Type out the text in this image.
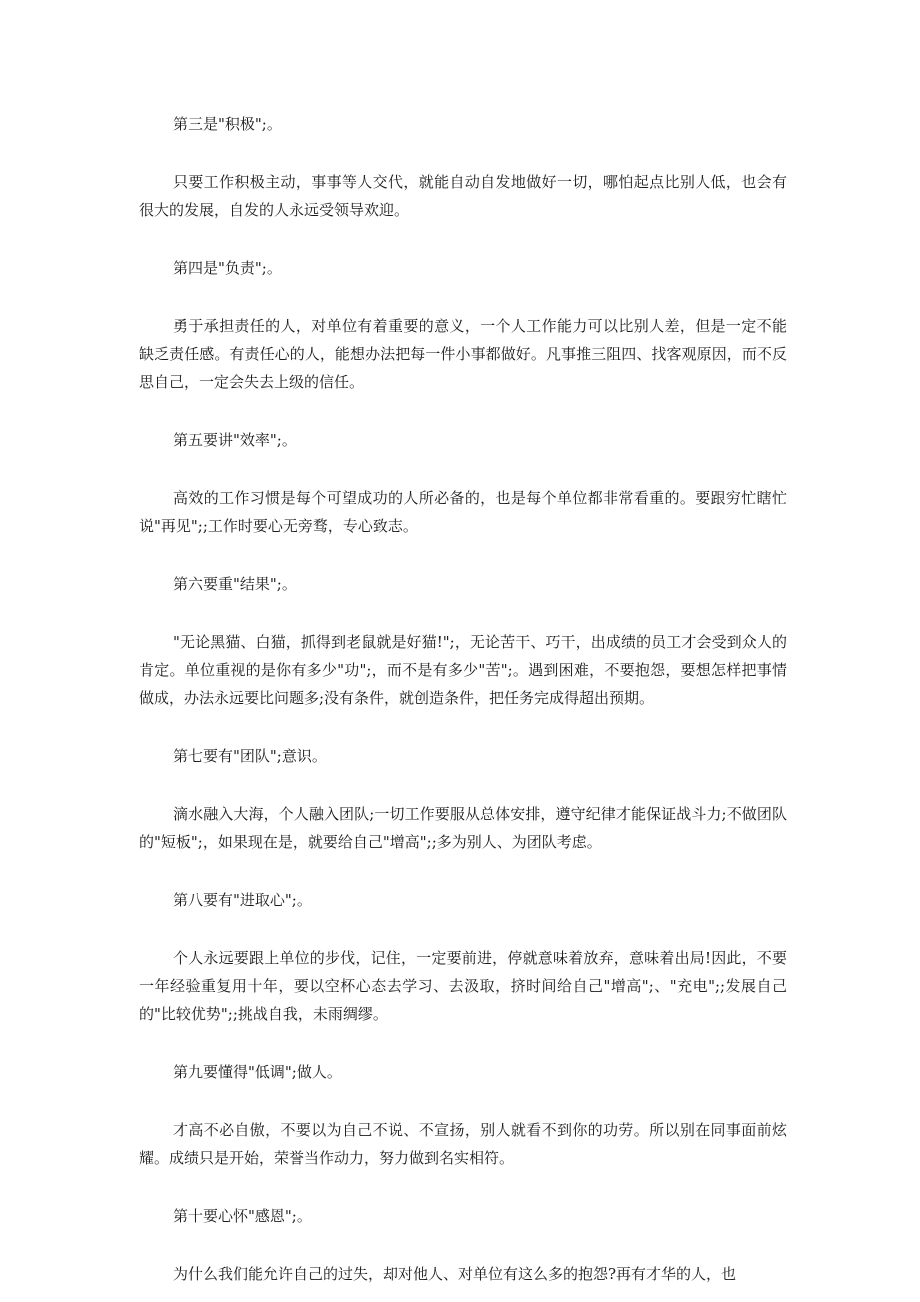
第三是"积极";。

只要工作积极主动，事事等人交代，就能自动自发地做好一切，哪怕起点比别人低，也会有很大的发展，自发的人永远受领导欢迎。

第四是"负责";。

勇于承担责任的人，对单位有着重要的意义，一个人工作能力可以比别人差，但是一定不能缺乏责任感。有责任心的人，能想办法把每一件小事都做好。凡事推三阻四、找客观原因，而不反思自己，一定会失去上级的信任。

第五要讲"效率";。

高效的工作习惯是每个可望成功的人所必备的，也是每个单位都非常看重的。要跟穷忙瞎忙说"再见";;工作时要心无旁骛，专心致志。

第六要重"结果";。

"无论黑猫、白猫，抓得到老鼠就是好猫!";，无论苦干、巧干，出成绩的员工才会受到众人的肯定。单位重视的是你有多少"功";，而不是有多少"苦";。遇到困难，不要抱怨，要想怎样把事情做成，办法永远要比问题多;没有条件，就创造条件，把任务完成得超出预期。

第七要有"团队";意识。

滴水融入大海，个人融入团队;一切工作要服从总体安排，遵守纪律才能保证战斗力;不做团队的"短板";，如果现在是，就要给自己"增高";;多为别人、为团队考虑。

第八要有"进取心";。

个人永远要跟上单位的步伐，记住，一定要前进，停就意味着放弃，意味着出局!因此，不要一年经验重复用十年，要以空杯心态去学习、去汲取，挤时间给自己"增高";、"充电";;发展自己的"比较优势";;挑战自我，未雨绸缪。

第九要懂得"低调";做人。

才高不必自傲，不要以为自己不说、不宣扬，别人就看不到你的功劳。所以别在同事面前炫耀。成绩只是开始，荣誉当作动力，努力做到名实相符。

第十要心怀"感恩";。

为什么我们能允许自己的过失，却对他人、对单位有这么多的抱怨?再有才华的人，也
